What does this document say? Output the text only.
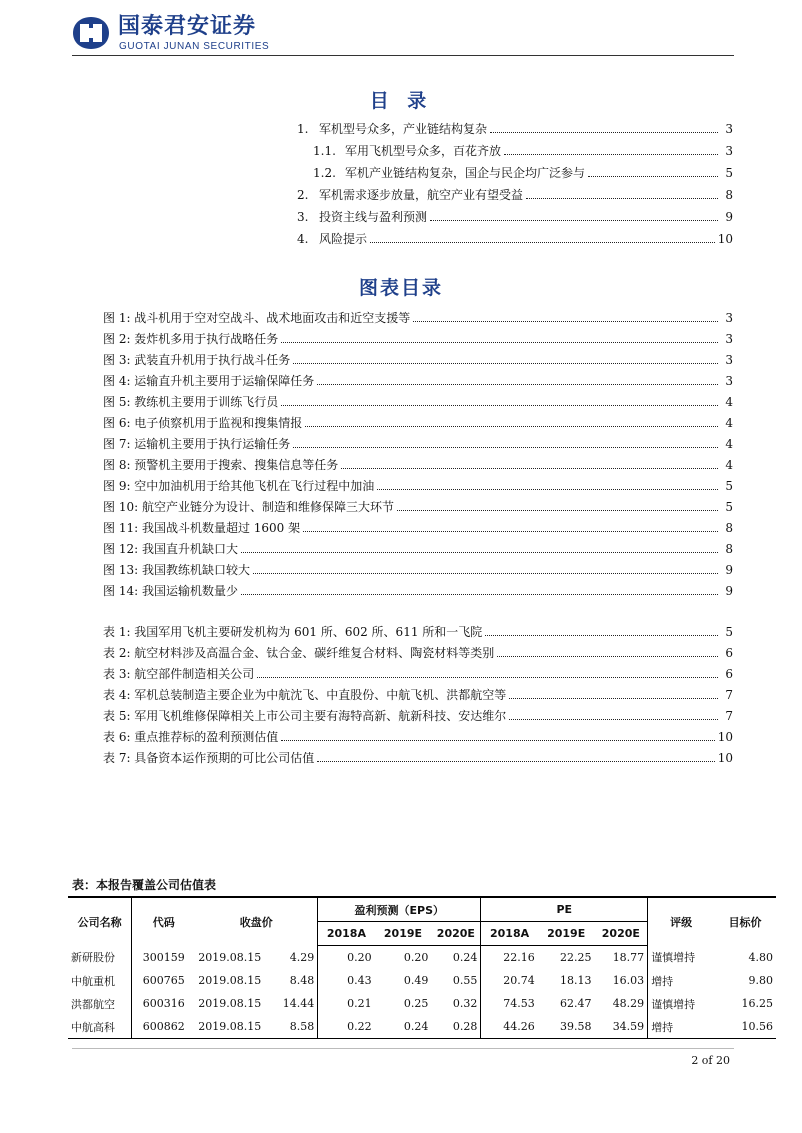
国泰君安证券
GUOTAI JUNAN SECURITIES
目 录
1. 军机型号众多，产业链结构复杂	3
1.1. 军用飞机型号众多，百花齐放	3
1.2. 军机产业链结构复杂，国企与民企均广泛参与	5
2. 军机需求逐步放量，航空产业有望受益	8
3. 投资主线与盈利预测	9
4. 风险提示	10
图表目录
图 1: 战斗机用于空对空战斗、战术地面攻击和近空支援等	3
图 2: 轰炸机多用于执行战略任务	3
图 3: 武装直升机用于执行战斗任务	3
图 4: 运输直升机主要用于运输保障任务	3
图 5: 教练机主要用于训练飞行员	4
图 6: 电子侦察机用于监视和搜集情报	4
图 7: 运输机主要用于执行运输任务	4
图 8: 预警机主要用于搜索、搜集信息等任务	4
图 9: 空中加油机用于给其他飞机在飞行过程中加油	5
图 10: 航空产业链分为设计、制造和维修保障三大环节	5
图 11: 我国战斗机数量超过 1600 架	8
图 12: 我国直升机缺口大	8
图 13: 我国教练机缺口较大	9
图 14: 我国运输机数量少	9
表 1: 我国军用飞机主要研发机构为 601 所、602 所、611 所和一飞院	5
表 2: 航空材料涉及高温合金、钛合金、碳纤维复合材料、陶瓷材料等类别	6
表 3: 航空部件制造相关公司	6
表 4: 军机总装制造主要企业为中航沈飞、中直股份、中航飞机、洪都航空等	7
表 5: 军用飞机维修保障相关上市公司主要有海特高新、航新科技、安达维尔	7
表 6: 重点推荐标的盈利预测估值	10
表 7: 具备资本运作预期的可比公司估值	10
表：本报告覆盖公司估值表
公司名称	代码	收盘价		盈利预测（EPS）			PE			评级	目标价
				2018A	2019E	2020E	2018A	2019E	2020E		
新研股份	300159	2019.08.15	4.29	0.20	0.20	0.24	22.16	22.25	18.77	谨慎增持	4.80
中航重机	600765	2019.08.15	8.48	0.43	0.49	0.55	20.74	18.13	16.03	增持	9.80
洪都航空	600316	2019.08.15	14.44	0.21	0.25	0.32	74.53	62.47	48.29	谨慎增持	16.25
中航高科	600862	2019.08.15	8.58	0.22	0.24	0.28	44.26	39.58	34.59	增持	10.56
2 of 20
